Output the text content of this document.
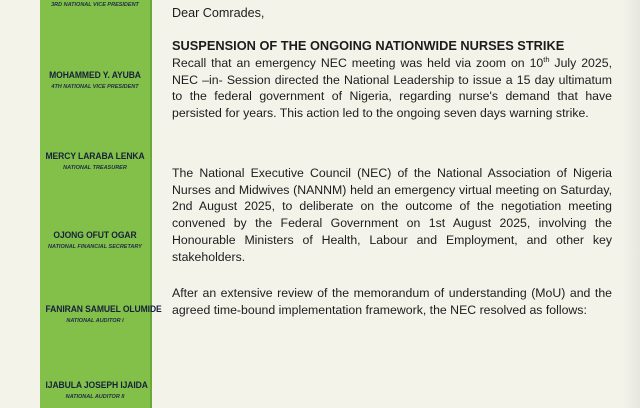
3RD NATIONAL VICE PRESIDENT
MOHAMMED Y. AYUBA
4TH NATIONAL VICE PRESIDENT
MERCY LARABA LENKA
NATIONAL TREASURER
OJONG OFUT OGAR
NATIONAL FINANCIAL SECRETARY
FANIRAN SAMUEL OLUMIDE
NATIONAL AUDITOR I
IJABULA JOSEPH IJAIDA
NATIONAL AUDITOR II
Dear Comrades,
SUSPENSION OF THE ONGOING NATIONWIDE NURSES STRIKE
Recall that an emergency NEC meeting was held via zoom on 10th July 2025, NEC –in- Session directed the National Leadership to issue a 15 day ultimatum to the federal government of Nigeria, regarding nurse's demand that have persisted for years. This action led to the ongoing seven days warning strike.
The National Executive Council (NEC) of the National Association of Nigeria Nurses and Midwives (NANNM) held an emergency virtual meeting on Saturday, 2nd August 2025, to deliberate on the outcome of the negotiation meeting convened by the Federal Government on 1st August 2025, involving the Honourable Ministers of Health, Labour and Employment, and other key stakeholders.
After an extensive review of the memorandum of understanding (MoU) and the agreed time-bound implementation framework, the NEC resolved as follows:
